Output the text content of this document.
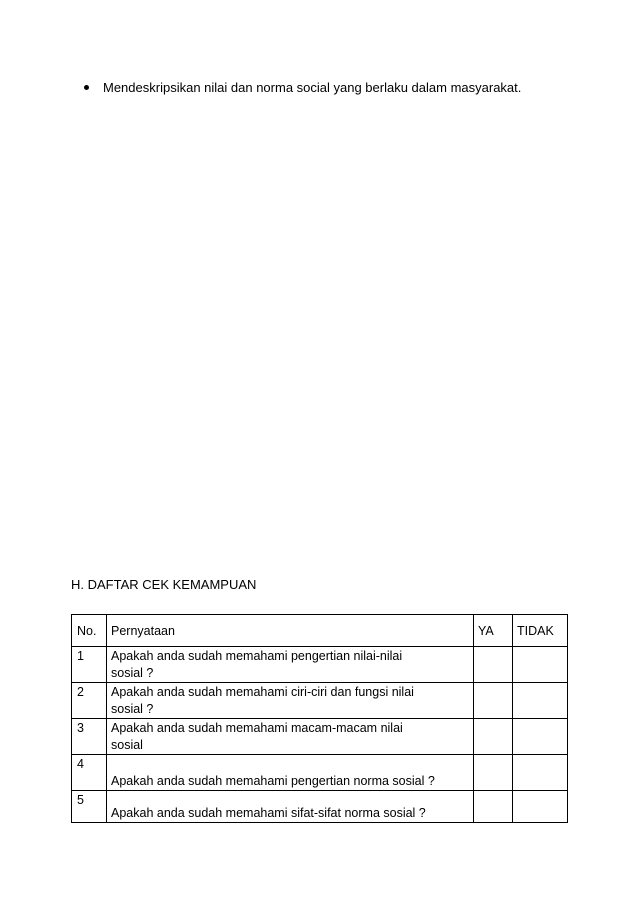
Mendeskripsikan nilai dan norma social yang berlaku dalam masyarakat.
H. DAFTAR CEK KEMAMPUAN
No.	Pernyataan	YA	TIDAK
1	Apakah anda sudah memahami pengertian nilai-nilai
sosial ?		

2	Apakah anda sudah memahami ciri-ciri dan fungsi nilai
sosial ?		

3	Apakah anda sudah memahami macam-macam nilai
sosial		

4	Apakah anda sudah memahami pengertian norma sosial ?		

5	Apakah anda sudah memahami sifat-sifat norma sosial ?		
